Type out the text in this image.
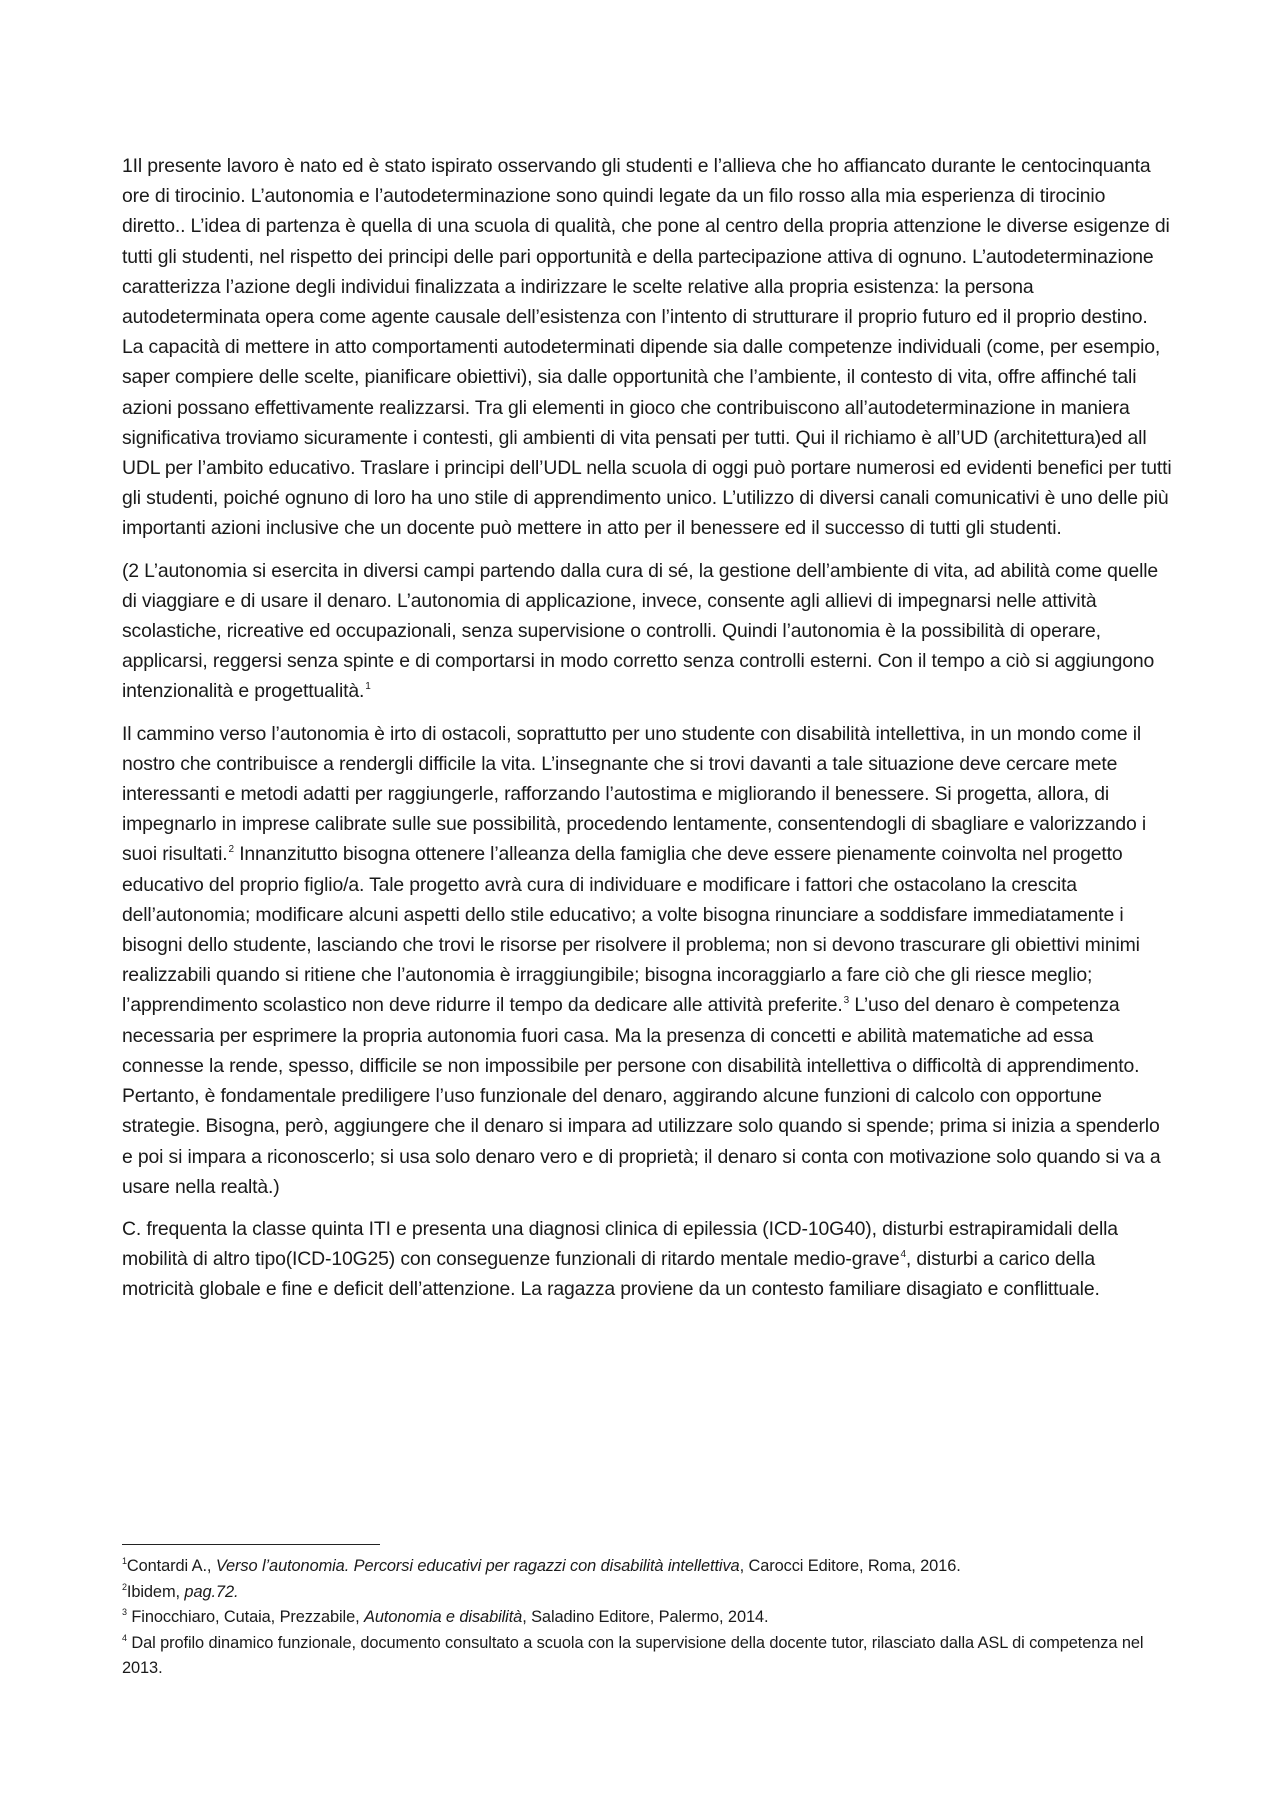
1Il presente lavoro è nato ed è stato ispirato osservando gli studenti e l’allieva che ho affiancato durante le centocinquanta ore di tirocinio. L’autonomia e l’autodeterminazione sono quindi legate da un filo rosso alla mia esperienza di tirocinio diretto.. L’idea di partenza è quella di una scuola di qualità, che pone al centro della propria attenzione le diverse esigenze di tutti gli studenti, nel rispetto dei principi delle pari opportunità e della partecipazione attiva di ognuno. L’autodeterminazione caratterizza l’azione degli individui finalizzata a indirizzare le scelte relative alla propria esistenza: la persona autodeterminata opera come agente causale dell’esistenza con l’intento di strutturare il proprio futuro ed il proprio destino. La capacità di mettere in atto comportamenti autodeterminati dipende sia dalle competenze individuali (come, per esempio, saper compiere delle scelte, pianificare obiettivi), sia dalle opportunità che l’ambiente, il contesto di vita, offre affinché tali azioni possano effettivamente realizzarsi. Tra gli elementi in gioco che contribuiscono all’autodeterminazione in maniera significativa troviamo sicuramente i contesti, gli ambienti di vita pensati per tutti. Qui il richiamo è all’UD (architettura)ed all UDL per l’ambito educativo. Traslare i principi dell’UDL nella scuola di oggi può portare numerosi ed evidenti benefici per tutti gli studenti, poiché ognuno di loro ha uno stile di apprendimento unico. L’utilizzo di diversi canali comunicativi è uno delle più importanti azioni inclusive che un docente può mettere in atto per il benessere ed il successo di tutti gli studenti.

(2 L’autonomia si esercita in diversi campi partendo dalla cura di sé, la gestione dell’ambiente di vita, ad abilità come quelle di viaggiare e di usare il denaro. L’autonomia di applicazione, invece, consente agli allievi di impegnarsi nelle attività scolastiche, ricreative ed occupazionali, senza supervisione o controlli. Quindi l’autonomia è la possibilità di operare, applicarsi, reggersi senza spinte e di comportarsi in modo corretto senza controlli esterni. Con il tempo a ciò si aggiungono intenzionalità e progettualità.$^1$

Il cammino verso l’autonomia è irto di ostacoli, soprattutto per uno studente con disabilità intellettiva, in un mondo come il nostro che contribuisce a rendergli difficile la vita. L’insegnante che si trovi davanti a tale situazione deve cercare mete interessanti e metodi adatti per raggiungerle, rafforzando l’autostima e migliorando il benessere. Si progetta, allora, di impegnarlo in imprese calibrate sulle sue possibilità, procedendo lentamente, consentendogli di sbagliare e valorizzando i suoi risultati.$^2$ Innanzitutto bisogna ottenere l’alleanza della famiglia che deve essere pienamente coinvolta nel progetto educativo del proprio figlio/a. Tale progetto avrà cura di individuare e modificare i fattori che ostacolano la crescita dell’autonomia; modificare alcuni aspetti dello stile educativo; a volte bisogna rinunciare a soddisfare immediatamente i bisogni dello studente, lasciando che trovi le risorse per risolvere il problema; non si devono trascurare gli obiettivi minimi realizzabili quando si ritiene che l’autonomia è irraggiungibile; bisogna incoraggiarlo a fare ciò che gli riesce meglio; l’apprendimento scolastico non deve ridurre il tempo da dedicare alle attività preferite.$^3$ L’uso del denaro è competenza necessaria per esprimere la propria autonomia fuori casa. Ma la presenza di concetti e abilità matematiche ad essa connesse la rende, spesso, difficile se non impossibile per persone con disabilità intellettiva o difficoltà di apprendimento. Pertanto, è fondamentale prediligere l’uso funzionale del denaro, aggirando alcune funzioni di calcolo con opportune strategie. Bisogna, però, aggiungere che il denaro si impara ad utilizzare solo quando si spende; prima si inizia a spenderlo e poi si impara a riconoscerlo; si usa solo denaro vero e di proprietà; il denaro si conta con motivazione solo quando si va a usare nella realtà.)

C. frequenta la classe quinta ITI e presenta una diagnosi clinica di epilessia (ICD-10G40), disturbi estrapiramidali della mobilità di altro tipo(ICD-10G25) con conseguenze funzionali di ritardo mentale medio-grave$^4$, disturbi a carico della motricità globale e fine e deficit dell’attenzione. La ragazza proviene da un contesto familiare disagiato e conflittuale.

$^1$Contardi A., Verso l’autonomia. Percorsi educativi per ragazzi con disabilità intellettiva, Carocci Editore, Roma, 2016.

$^2$Ibidem, pag.72.

$^3$ Finocchiaro, Cutaia, Prezzabile, Autonomia e disabilità, Saladino Editore, Palermo, 2014.

$^4$ Dal profilo dinamico funzionale, documento consultato a scuola con la supervisione della docente tutor, rilasciato dalla ASL di competenza nel 2013.
